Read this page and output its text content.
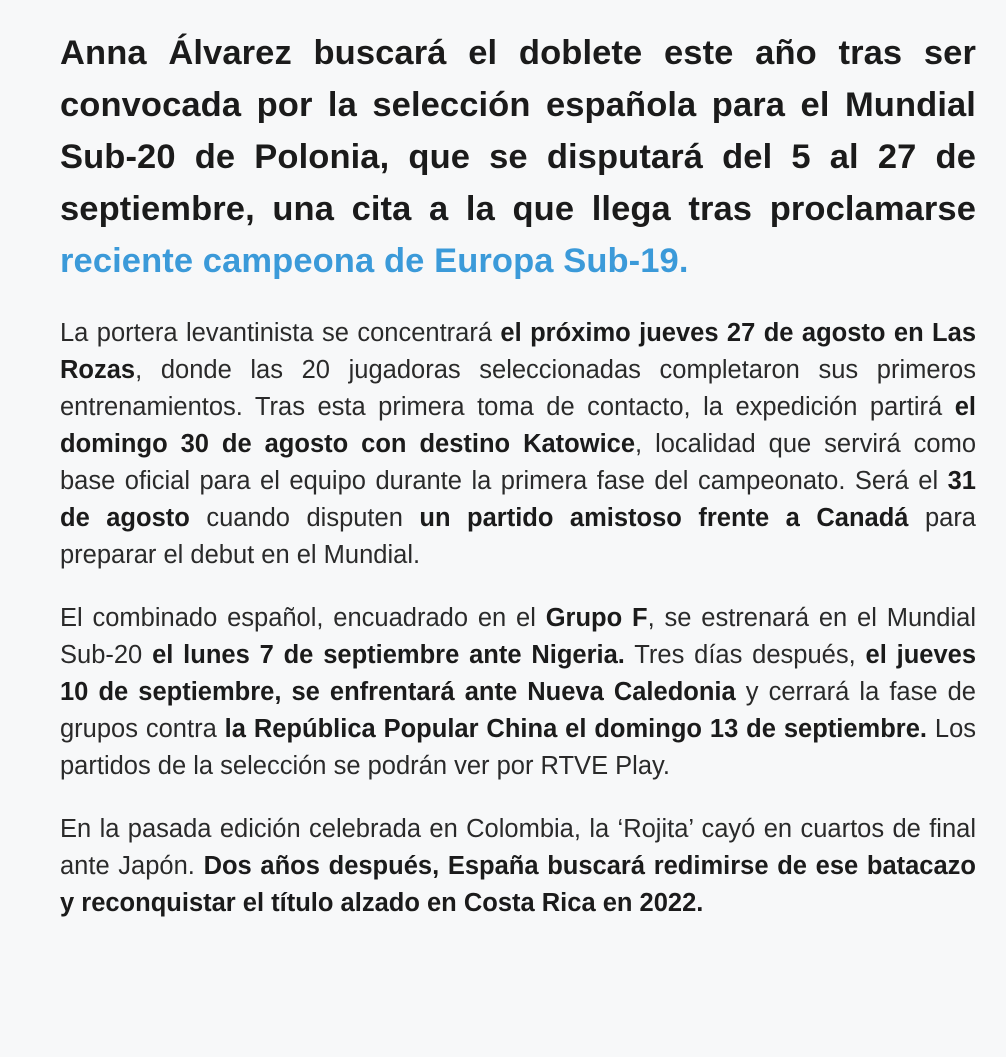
Anna Álvarez buscará el doblete este año tras ser convocada por la selección española para el Mundial Sub-20 de Polonia, que se disputará del 5 al 27 de septiembre, una cita a la que llega tras proclamarse reciente campeona de Europa Sub-19.

La portera levantinista se concentrará el próximo jueves 27 de agosto en Las Rozas, donde las 20 jugadoras seleccionadas completaron sus primeros entrenamientos. Tras esta primera toma de contacto, la expedición partirá el domingo 30 de agosto con destino Katowice, localidad que servirá como base oficial para el equipo durante la primera fase del campeonato. Será el 31 de agosto cuando disputen un partido amistoso frente a Canadá para preparar el debut en el Mundial.

El combinado español, encuadrado en el Grupo F, se estrenará en el Mundial Sub-20 el lunes 7 de septiembre ante Nigeria. Tres días después, el jueves 10 de septiembre, se enfrentará ante Nueva Caledonia y cerrará la fase de grupos contra la República Popular China el domingo 13 de septiembre. Los partidos de la selección se podrán ver por RTVE Play.

En la pasada edición celebrada en Colombia, la ‘Rojita’ cayó en cuartos de final ante Japón. Dos años después, España buscará redimirse de ese batacazo y reconquistar el título alzado en Costa Rica en 2022.
